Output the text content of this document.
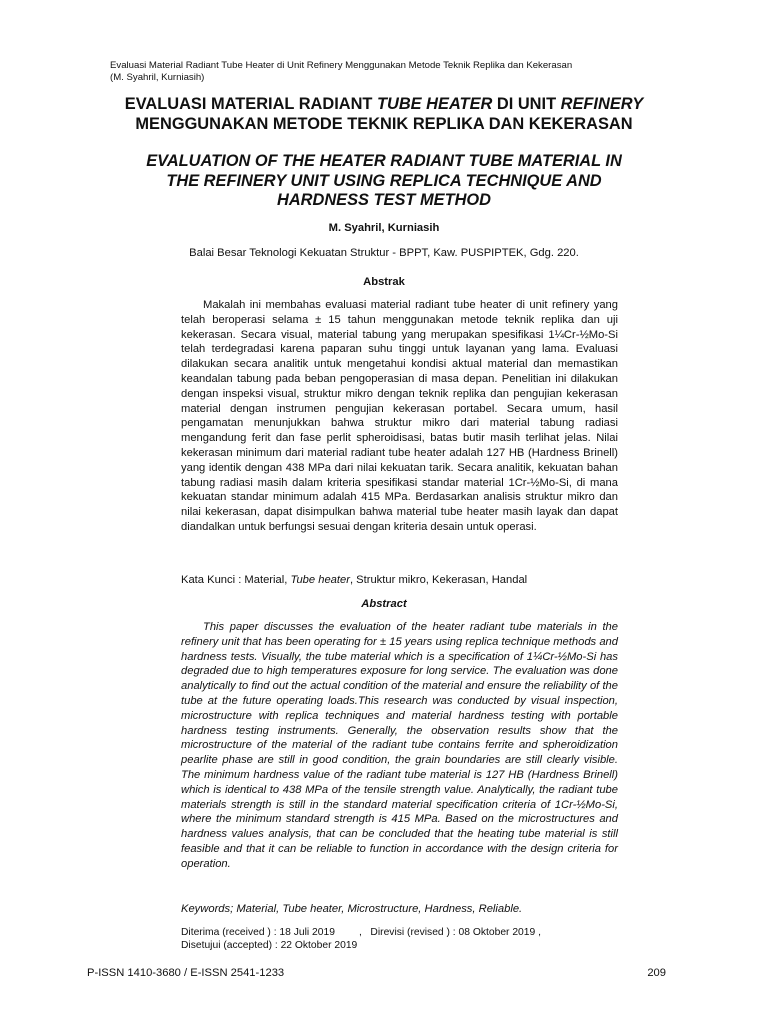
Evaluasi Material Radiant Tube Heater di Unit Refinery Menggunakan Metode Teknik Replika dan Kekerasan
(M. Syahril, Kurniasih)
EVALUASI MATERIAL RADIANT TUBE HEATER DI UNIT REFINERY
MENGGUNAKAN METODE TEKNIK REPLIKA DAN KEKERASAN
EVALUATION OF THE HEATER RADIANT TUBE MATERIAL IN
THE REFINERY UNIT USING REPLICA TECHNIQUE AND
HARDNESS TEST METHOD
M. Syahril, Kurniasih
Balai Besar Teknologi Kekuatan Struktur - BPPT, Kaw. PUSPIPTEK, Gdg. 220.
Abstrak

Makalah ini membahas evaluasi material radiant tube heater di unit refinery yang telah beroperasi selama ± 15 tahun menggunakan metode teknik replika dan uji kekerasan. Secara visual, material tabung yang merupakan spesifikasi 1¼Cr-½Mo-Si telah terdegradasi karena paparan suhu tinggi untuk layanan yang lama. Evaluasi dilakukan secara analitik untuk mengetahui kondisi aktual material dan memastikan keandalan tabung pada beban pengoperasian di masa depan. Penelitian ini dilakukan dengan inspeksi visual, struktur mikro dengan teknik replika dan pengujian kekerasan material dengan instrumen pengujian kekerasan portabel. Secara umum, hasil pengamatan menunjukkan bahwa struktur mikro dari material tabung radiasi mengandung ferit dan fase perlit spheroidisasi, batas butir masih terlihat jelas. Nilai kekerasan minimum dari material radiant tube heater adalah 127 HB (Hardness Brinell) yang identik dengan 438 MPa dari nilai kekuatan tarik. Secara analitik, kekuatan bahan tabung radiasi masih dalam kriteria spesifikasi standar material 1Cr-½Mo-Si, di mana kekuatan standar minimum adalah 415 MPa. Berdasarkan analisis struktur mikro dan nilai kekerasan, dapat disimpulkan bahwa material tube heater masih layak dan dapat diandalkan untuk berfungsi sesuai dengan kriteria desain untuk operasi.

Kata Kunci : Material, Tube heater, Struktur mikro, Kekerasan, Handal
Abstract

This paper discusses the evaluation of the heater radiant tube materials in the refinery unit that has been operating for ± 15 years using replica technique methods and hardness tests. Visually, the tube material which is a specification of 1¼Cr-½Mo-Si has degraded due to high temperatures exposure for long service. The evaluation was done analytically to find out the actual condition of the material and ensure the reliability of the tube at the future operating loads.This research was conducted by visual inspection, microstructure with replica techniques and material hardness testing with portable hardness testing instruments. Generally, the observation results show that the microstructure of the material of the radiant tube contains ferrite and spheroidization pearlite phase are still in good condition, the grain boundaries are still clearly visible. The minimum hardness value of the radiant tube material is 127 HB (Hardness Brinell) which is identical to 438 MPa of the tensile strength value. Analytically, the radiant tube materials strength is still in the standard material specification criteria of 1Cr-½Mo-Si, where the minimum standard strength is 415 MPa. Based on the microstructures and hardness values analysis, that can be concluded that the heating tube material is still feasible and that it can be reliable to function in accordance with the design criteria for operation.

Keywords; Material, Tube heater, Microstructure, Hardness, Reliable.
Diterima (received ) : 18 Juli 2019 , Direvisi (revised ) : 08 Oktober 2019 ,
Disetujui (accepted) : 22 Oktober 2019
P-ISSN 1410-3680 / E-ISSN 2541-1233	209
